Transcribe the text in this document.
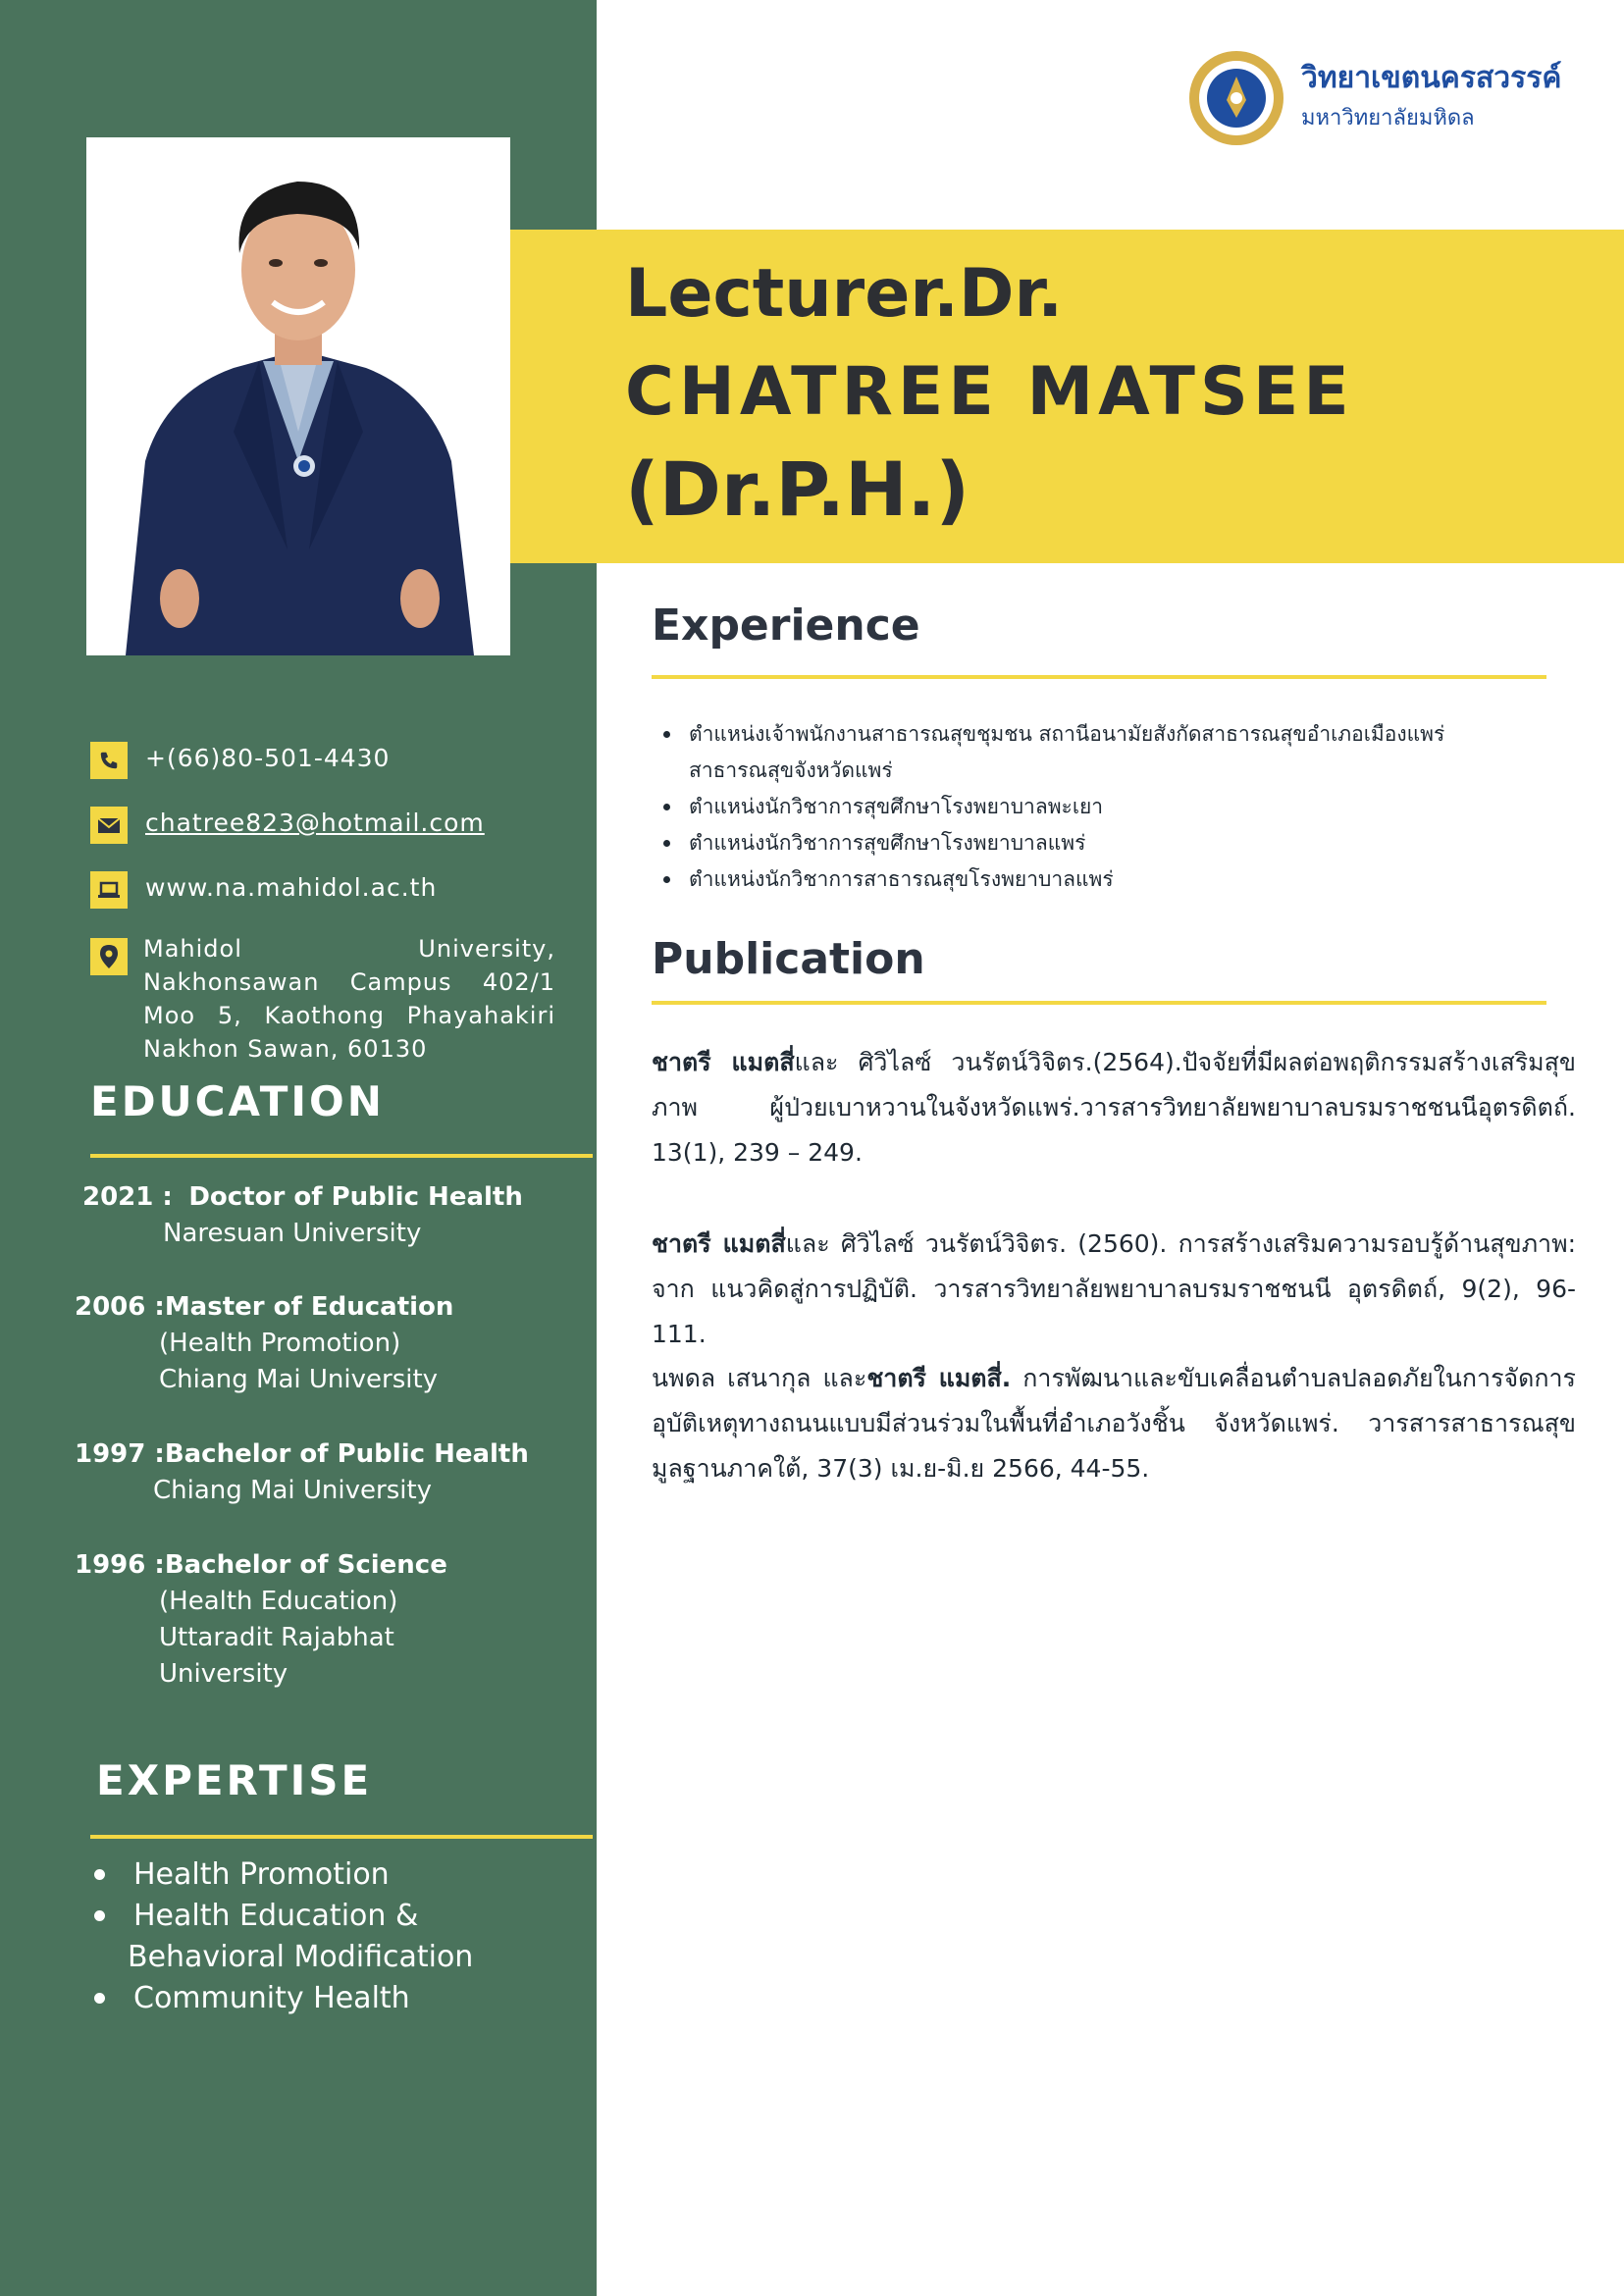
วิทยาเขตนครสวรรค์
มหาวิทยาลัยมหิดล
Lecturer.Dr.
CHATREE MATSEE
(Dr.P.H.)
+(66)80-501-4430
chatree823@hotmail.com
www.na.mahidol.ac.th
Mahidol University, Nakhonsawan Campus 402/1 Moo 5, Kaothong Phayahakiri Nakhon Sawan, 60130
EDUCATION
2021 : Doctor of Public Health
Naresuan University
2006 :Master of Education
(Health Promotion)
Chiang Mai University
1997 :Bachelor of Public Health
Chiang Mai University
1996 :Bachelor of Science
(Health Education)
Uttaradit Rajabhat
University
EXPERTISE
Health Promotion
Health Education &
Behavioral Modification
Community Health
Experience
ตำแหน่งเจ้าพนักงานสาธารณสุขชุมชน สถานีอนามัยสังกัดสาธารณสุขอำเภอเมืองแพร่
สาธารณสุขจังหวัดแพร่
ตำแหน่งนักวิชาการสุขศึกษาโรงพยาบาลพะเยา
ตำแหน่งนักวิชาการสุขศึกษาโรงพยาบาลแพร่
ตำแหน่งนักวิชาการสาธารณสุขโรงพยาบาลแพร่
Publication
ชาตรี แมตสี่และ ศิวิไลซ์ วนรัตน์วิจิตร.(2564).ปัจจัยที่มีผลต่อพฤติกรรมสร้างเสริมสุขภาพ ผู้ป่วยเบาหวานในจังหวัดแพร่.วารสารวิทยาลัยพยาบาลบรมราชชนนีอุตรดิตถ์. 13(1), 239 – 249.
ชาตรี แมตสี่และ ศิวิไลซ์ วนรัตน์วิจิตร. (2560). การสร้างเสริมความรอบรู้ด้านสุขภาพ: จาก แนวคิดสู่การปฏิบัติ. วารสารวิทยาลัยพยาบาลบรมราชชนนี อุตรดิตถ์, 9(2), 96-111.
นพดล เสนากุล และชาตรี แมตสี่. การพัฒนาและขับเคลื่อนตำบลปลอดภัยในการจัดการอุบัติเหตุทางถนนแบบมีส่วนร่วมในพื้นที่อำเภอวังชิ้น จังหวัดแพร่. วารสารสาธารณสุขมูลฐานภาคใต้, 37(3) เม.ย-มิ.ย 2566, 44-55.
